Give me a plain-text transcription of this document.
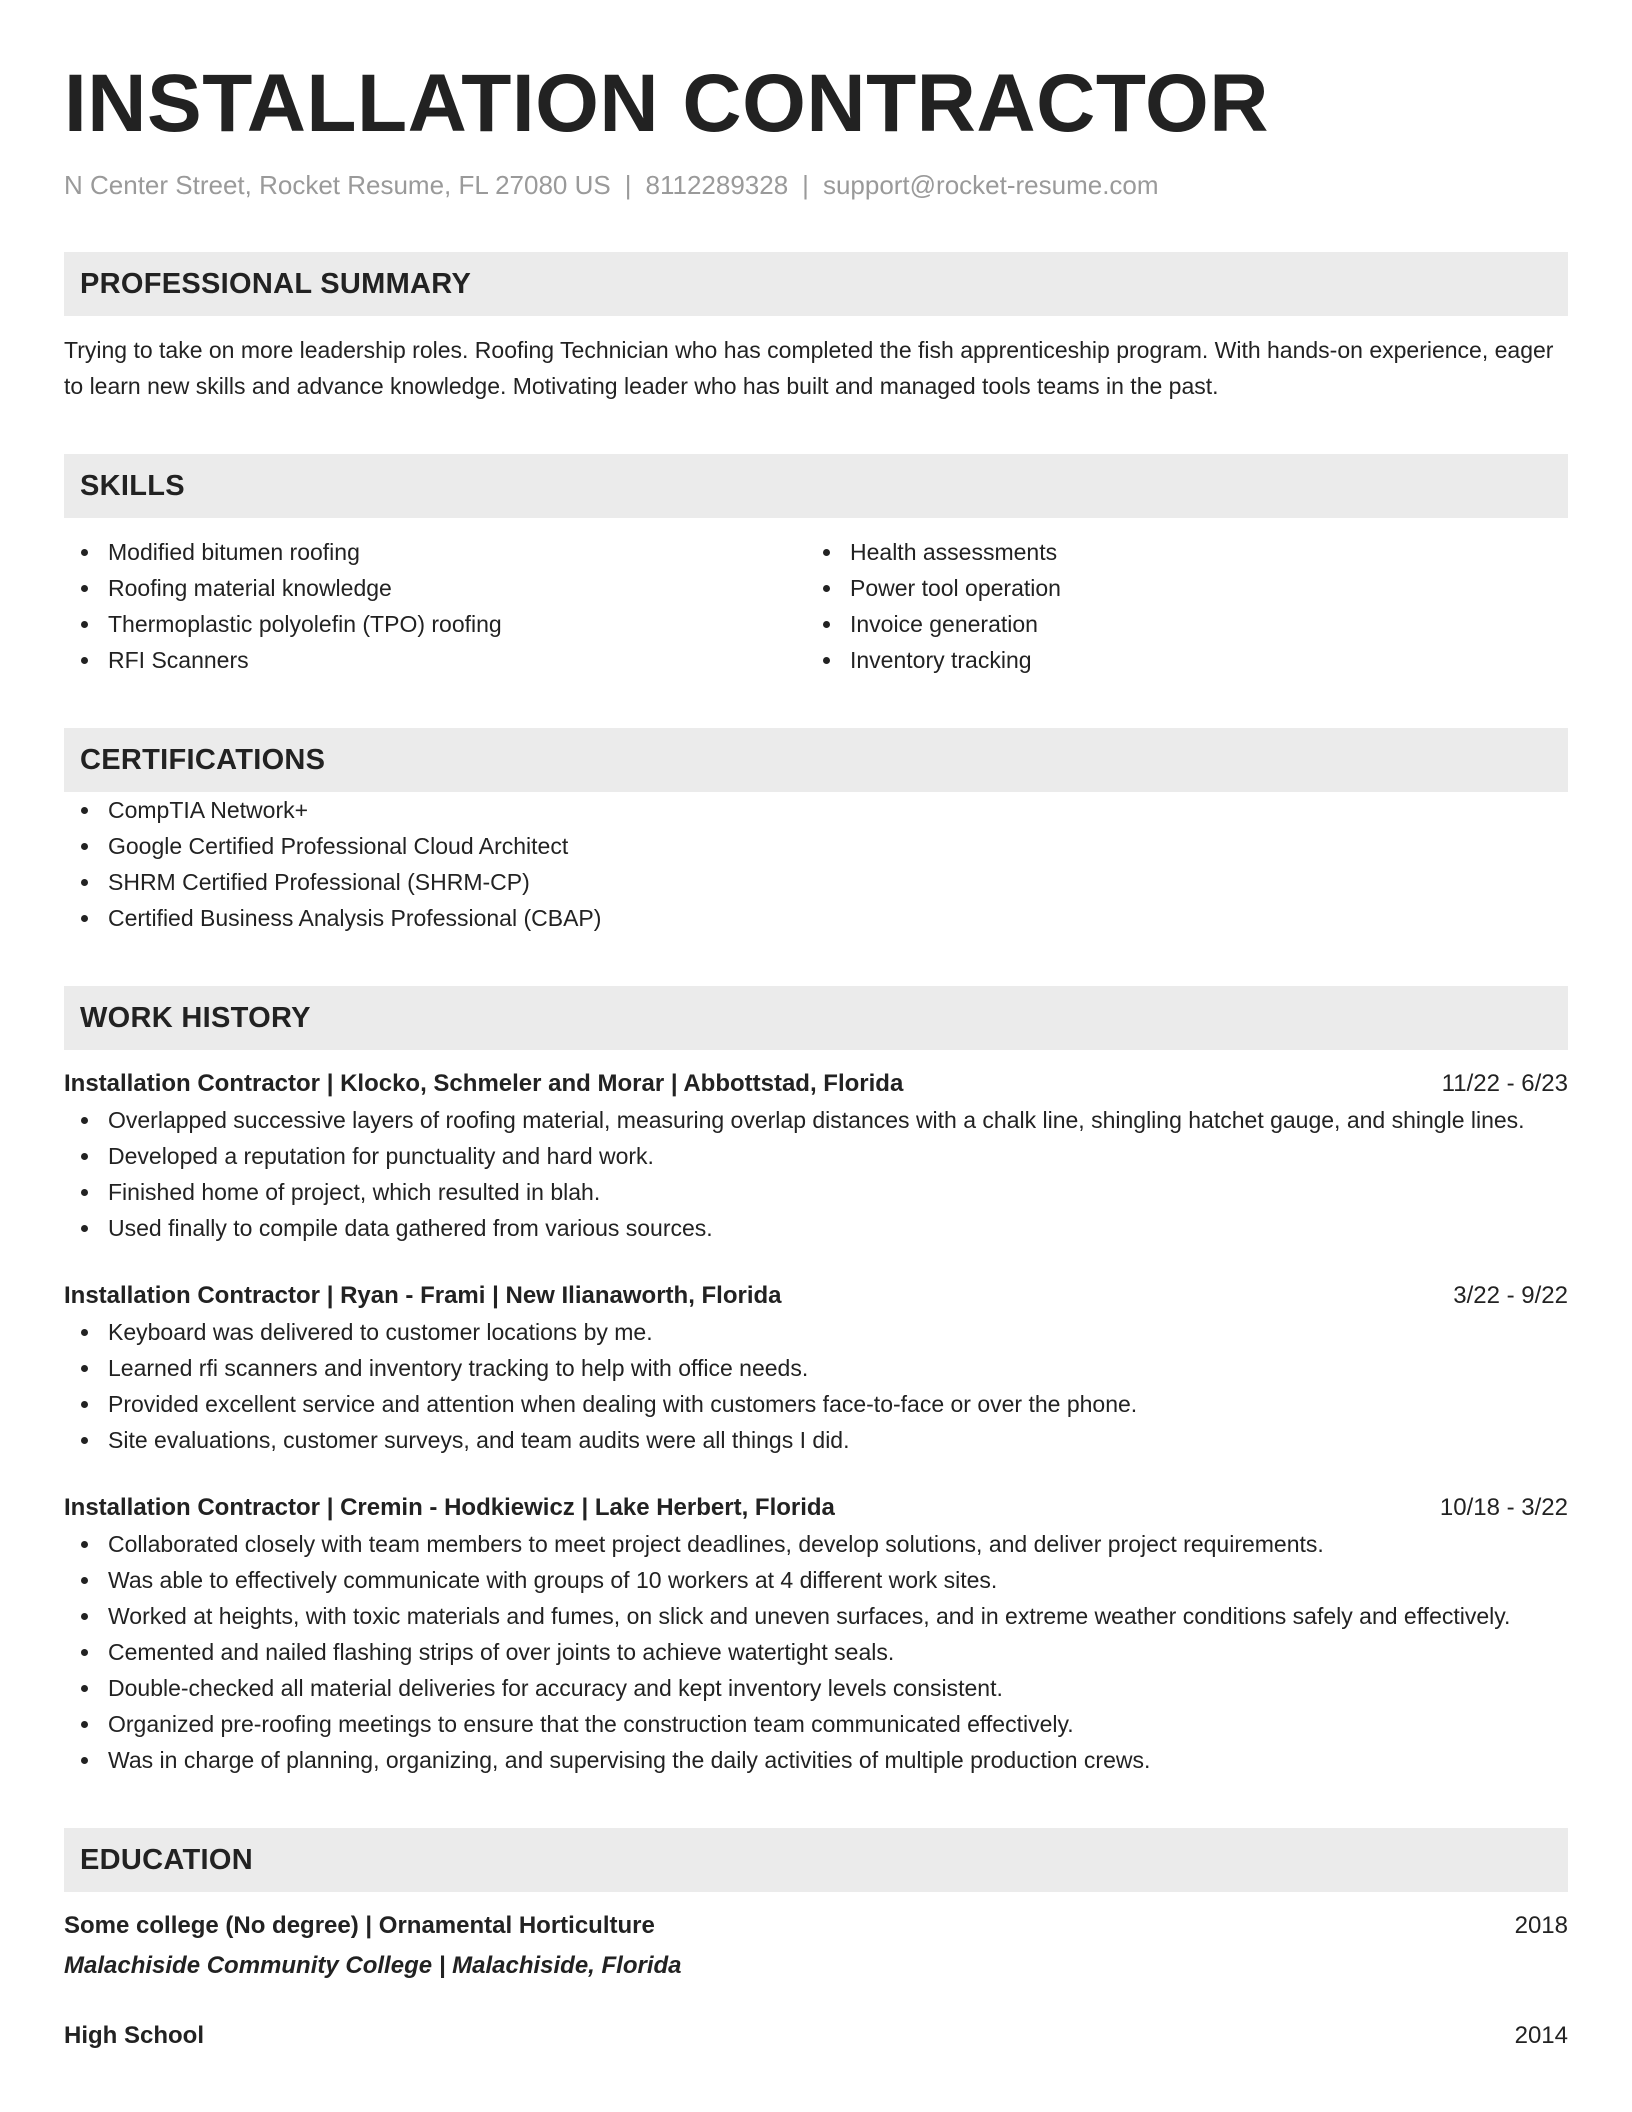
INSTALLATION CONTRACTOR
N Center Street, Rocket Resume, FL 27080 US | 8112289328 | support@rocket-resume.com
PROFESSIONAL SUMMARY
Trying to take on more leadership roles. Roofing Technician who has completed the fish apprenticeship program. With hands-on experience, eager to learn new skills and advance knowledge. Motivating leader who has built and managed tools teams in the past.
SKILLS
Modified bitumen roofing
Roofing material knowledge
Thermoplastic polyolefin (TPO) roofing
RFI Scanners
Health assessments
Power tool operation
Invoice generation
Inventory tracking
CERTIFICATIONS
CompTIA Network+
Google Certified Professional Cloud Architect
SHRM Certified Professional (SHRM-CP)
Certified Business Analysis Professional (CBAP)
WORK HISTORY
Installation Contractor | Klocko, Schmeler and Morar | Abbottstad, Florida	11/22 - 6/23
Overlapped successive layers of roofing material, measuring overlap distances with a chalk line, shingling hatchet gauge, and shingle lines.
Developed a reputation for punctuality and hard work.
Finished home of project, which resulted in blah.
Used finally to compile data gathered from various sources.
Installation Contractor | Ryan - Frami | New Ilianaworth, Florida	3/22 - 9/22
Keyboard was delivered to customer locations by me.
Learned rfi scanners and inventory tracking to help with office needs.
Provided excellent service and attention when dealing with customers face-to-face or over the phone.
Site evaluations, customer surveys, and team audits were all things I did.
Installation Contractor | Cremin - Hodkiewicz | Lake Herbert, Florida	10/18 - 3/22
Collaborated closely with team members to meet project deadlines, develop solutions, and deliver project requirements.
Was able to effectively communicate with groups of 10 workers at 4 different work sites.
Worked at heights, with toxic materials and fumes, on slick and uneven surfaces, and in extreme weather conditions safely and effectively.
Cemented and nailed flashing strips of over joints to achieve watertight seals.
Double-checked all material deliveries for accuracy and kept inventory levels consistent.
Organized pre-roofing meetings to ensure that the construction team communicated effectively.
Was in charge of planning, organizing, and supervising the daily activities of multiple production crews.
EDUCATION
Some college (No degree) | Ornamental Horticulture	2018
Malachiside Community College | Malachiside, Florida
High School	2014
